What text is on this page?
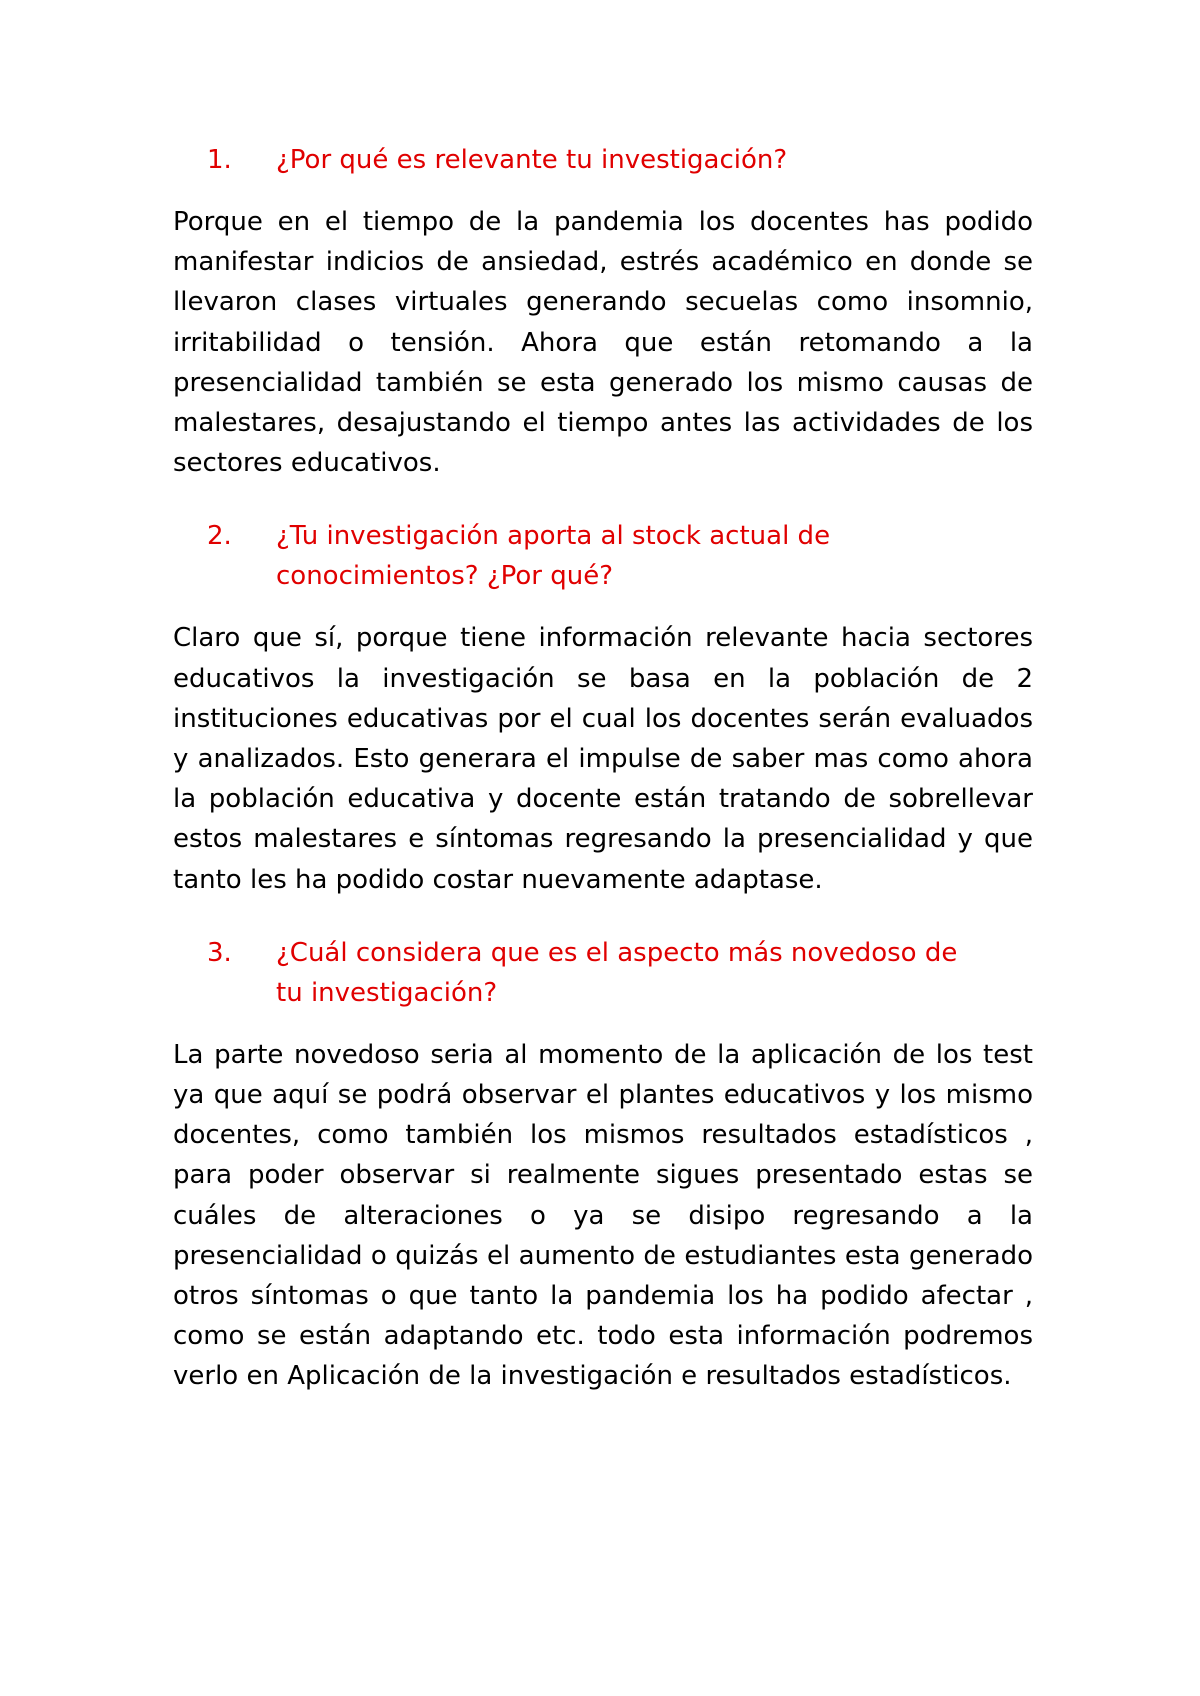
1.	¿Por qué es relevante tu investigación?

Porque en el tiempo de la pandemia los docentes has podido manifestar indicios de ansiedad, estrés académico en donde se llevaron clases virtuales generando secuelas como insomnio, irritabilidad o tensión. Ahora que están retomando a la presencialidad también se esta generado los mismo causas de malestares, desajustando el tiempo antes las actividades de los sectores educativos.

2.	¿Tu investigación aporta al stock actual de conocimientos? ¿Por qué?

Claro que sí, porque tiene información relevante hacia sectores educativos la investigación se basa en la población de 2 instituciones educativas por el cual los docentes serán evaluados y analizados. Esto generara el impulse de saber mas como ahora la población educativa y docente están tratando de sobrellevar estos malestares e síntomas regresando la presencialidad y que tanto les ha podido costar nuevamente adaptase.

3.	¿Cuál considera que es el aspecto más novedoso de tu investigación?

La parte novedoso seria al momento de la aplicación de los test ya que aquí se podrá observar el plantes educativos y los mismo docentes, como también los mismos resultados estadísticos , para poder observar si realmente sigues presentado estas se cuáles de alteraciones o ya se disipo regresando a la presencialidad o quizás el aumento de estudiantes esta generado otros síntomas o que tanto la pandemia los ha podido afectar , como se están adaptando etc. todo esta información podremos verlo en Aplicación de la investigación e resultados estadísticos.
